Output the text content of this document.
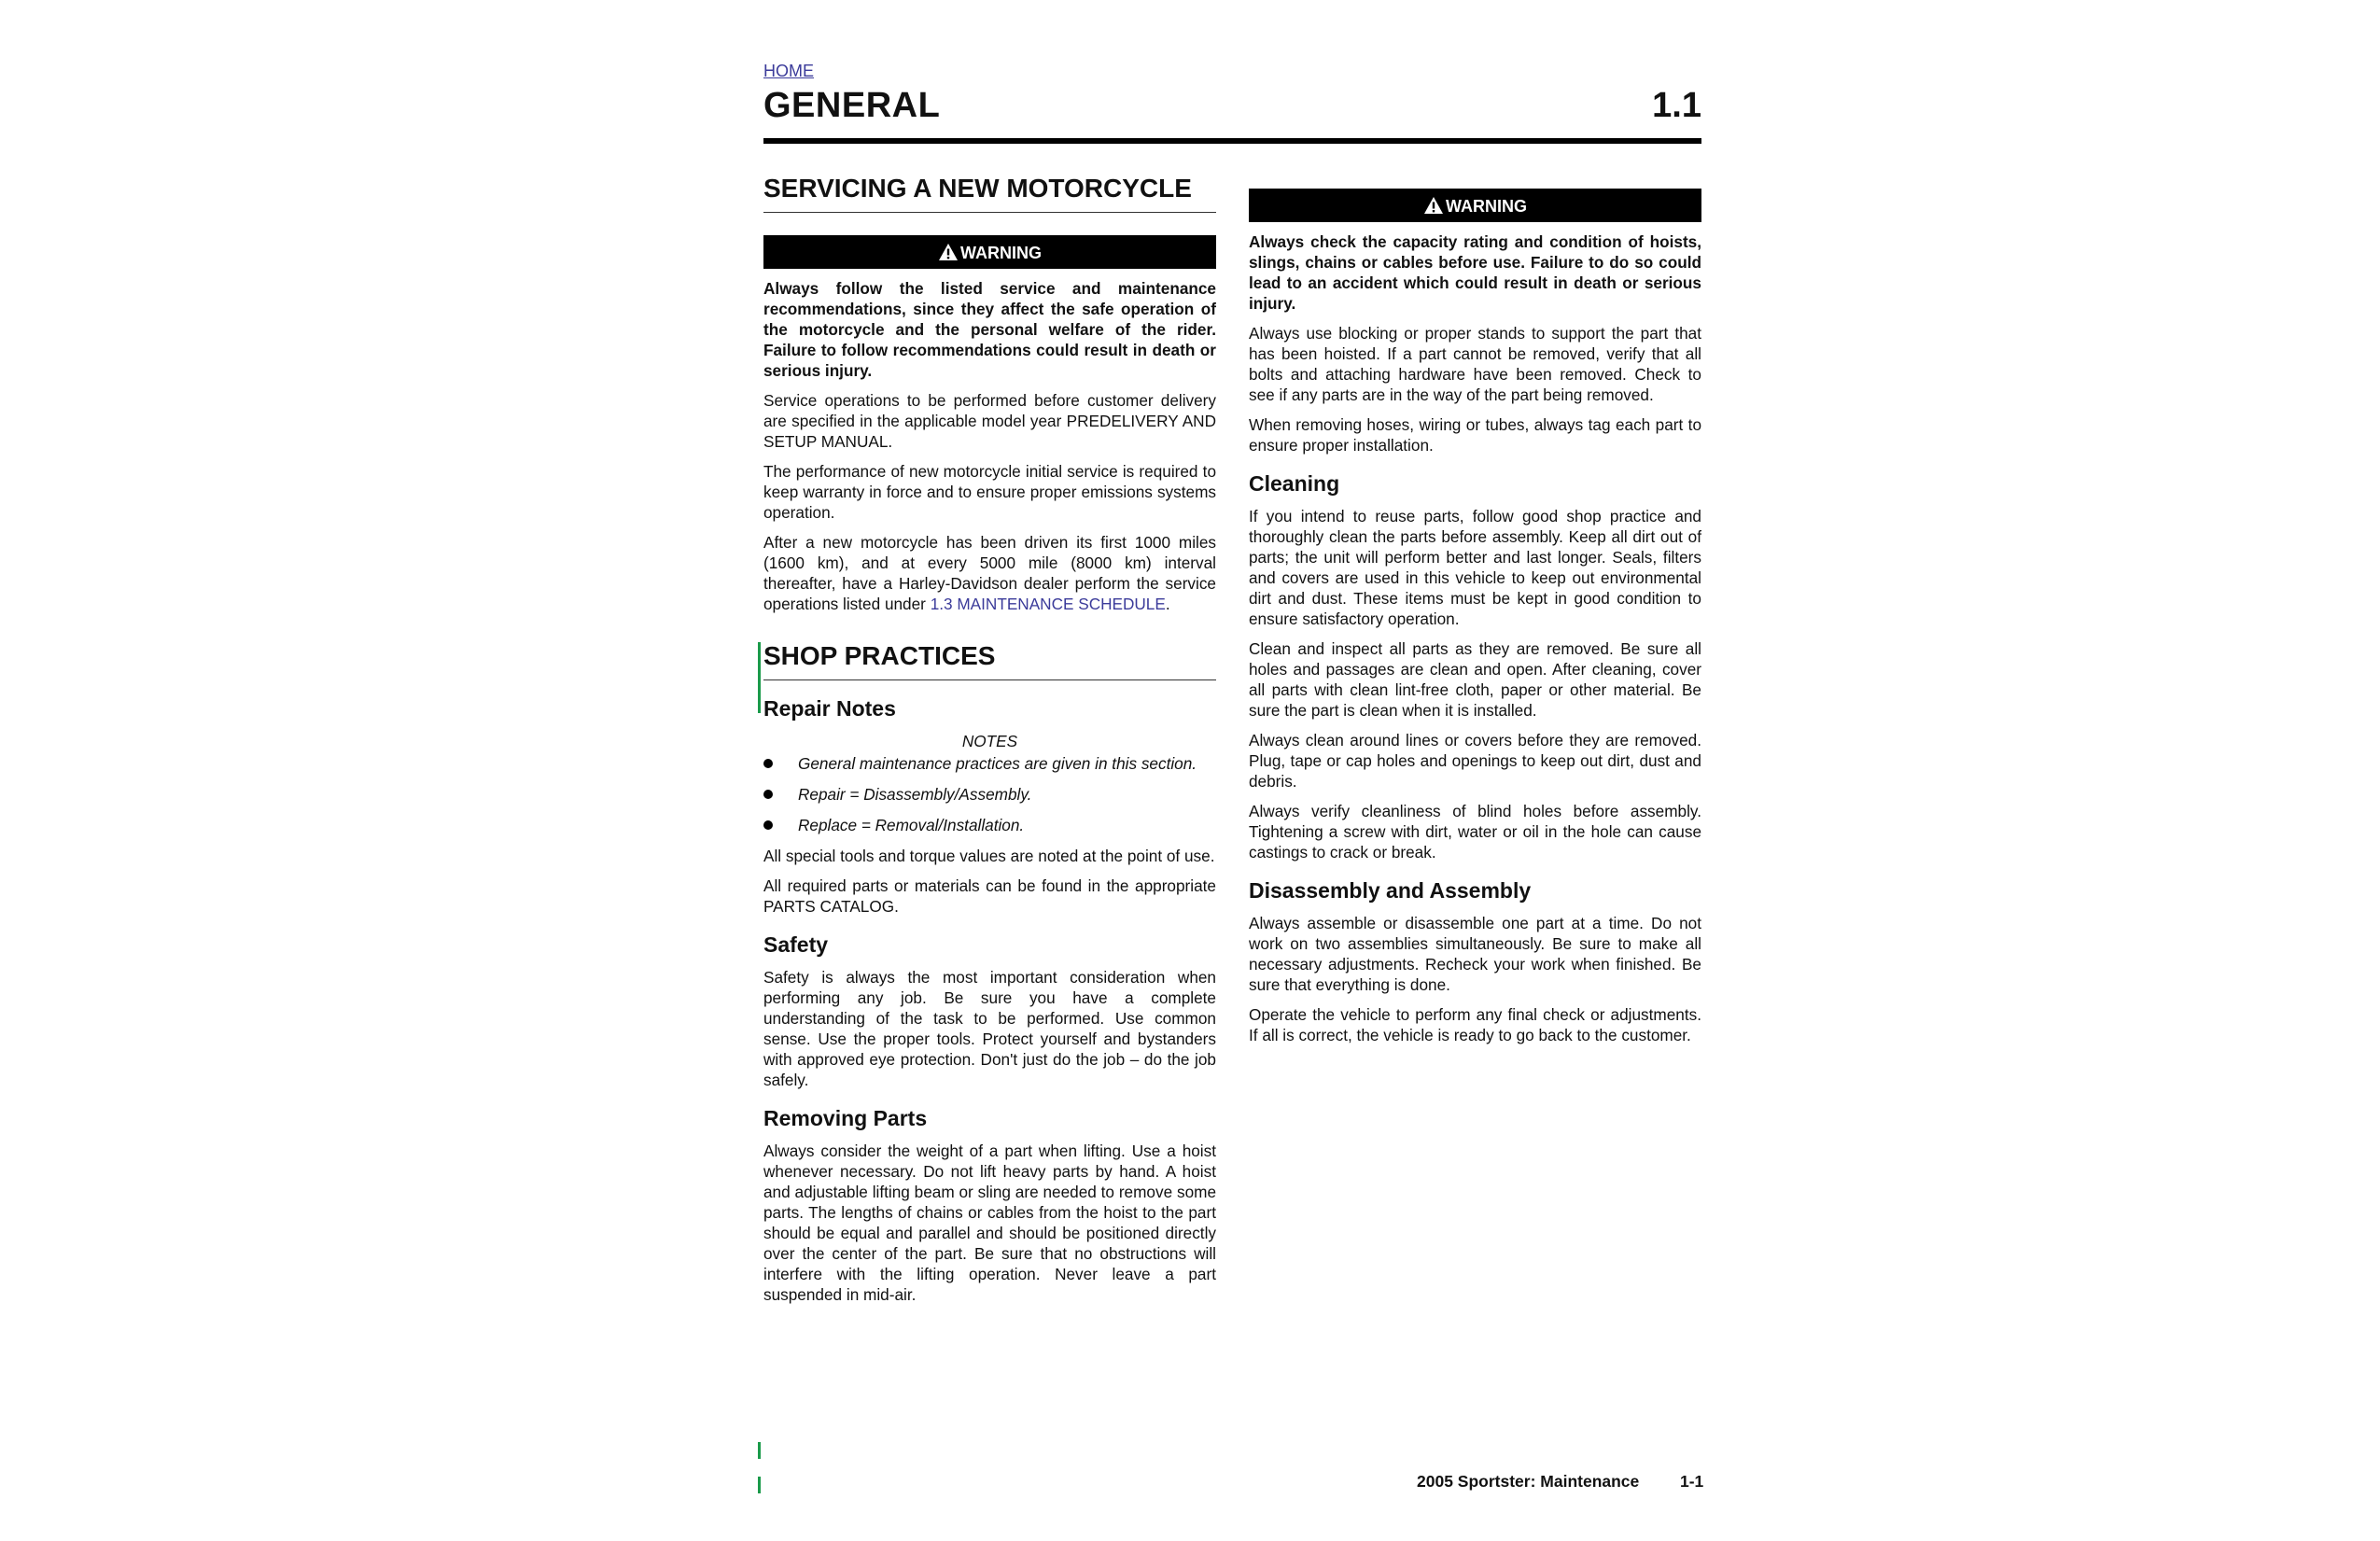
HOME
GENERAL	1.1
SERVICING A NEW MOTORCYCLE
WARNING

Always follow the listed service and maintenance recommendations, since they affect the safe operation of the motorcycle and the personal welfare of the rider. Failure to follow recommendations could result in death or serious injury.

Service operations to be performed before customer delivery are specified in the applicable model year PREDELIVERY AND SETUP MANUAL.

The performance of new motorcycle initial service is required to keep warranty in force and to ensure proper emissions systems operation.

After a new motorcycle has been driven its first 1000 miles (1600 km), and at every 5000 mile (8000 km) interval thereafter, have a Harley-Davidson dealer perform the service operations listed under 1.3 MAINTENANCE SCHEDULE.

SHOP PRACTICES
Repair Notes
NOTES
General maintenance practices are given in this section.
Repair = Disassembly/Assembly.
Replace = Removal/Installation.

All special tools and torque values are noted at the point of use.

All required parts or materials can be found in the appropriate PARTS CATALOG.

Safety

Safety is always the most important consideration when performing any job. Be sure you have a complete understanding of the task to be performed. Use common sense. Use the proper tools. Protect yourself and bystanders with approved eye protection. Don't just do the job – do the job safely.

Removing Parts

Always consider the weight of a part when lifting. Use a hoist whenever necessary. Do not lift heavy parts by hand. A hoist and adjustable lifting beam or sling are needed to remove some parts. The lengths of chains or cables from the hoist to the part should be equal and parallel and should be positioned directly over the center of the part. Be sure that no obstructions will interfere with the lifting operation. Never leave a part suspended in mid-air.

WARNING

Always check the capacity rating and condition of hoists, slings, chains or cables before use. Failure to do so could lead to an accident which could result in death or serious injury.

Always use blocking or proper stands to support the part that has been hoisted. If a part cannot be removed, verify that all bolts and attaching hardware have been removed. Check to see if any parts are in the way of the part being removed.

When removing hoses, wiring or tubes, always tag each part to ensure proper installation.

Cleaning

If you intend to reuse parts, follow good shop practice and thoroughly clean the parts before assembly. Keep all dirt out of parts; the unit will perform better and last longer. Seals, filters and covers are used in this vehicle to keep out environmental dirt and dust. These items must be kept in good condition to ensure satisfactory operation.

Clean and inspect all parts as they are removed. Be sure all holes and passages are clean and open. After cleaning, cover all parts with clean lint-free cloth, paper or other material. Be sure the part is clean when it is installed.

Always clean around lines or covers before they are removed. Plug, tape or cap holes and openings to keep out dirt, dust and debris.

Always verify cleanliness of blind holes before assembly. Tightening a screw with dirt, water or oil in the hole can cause castings to crack or break.

Disassembly and Assembly

Always assemble or disassemble one part at a time. Do not work on two assemblies simultaneously. Be sure to make all necessary adjustments. Recheck your work when finished. Be sure that everything is done.

Operate the vehicle to perform any final check or adjustments. If all is correct, the vehicle is ready to go back to the customer.

2005 Sportster: Maintenance 1-1
